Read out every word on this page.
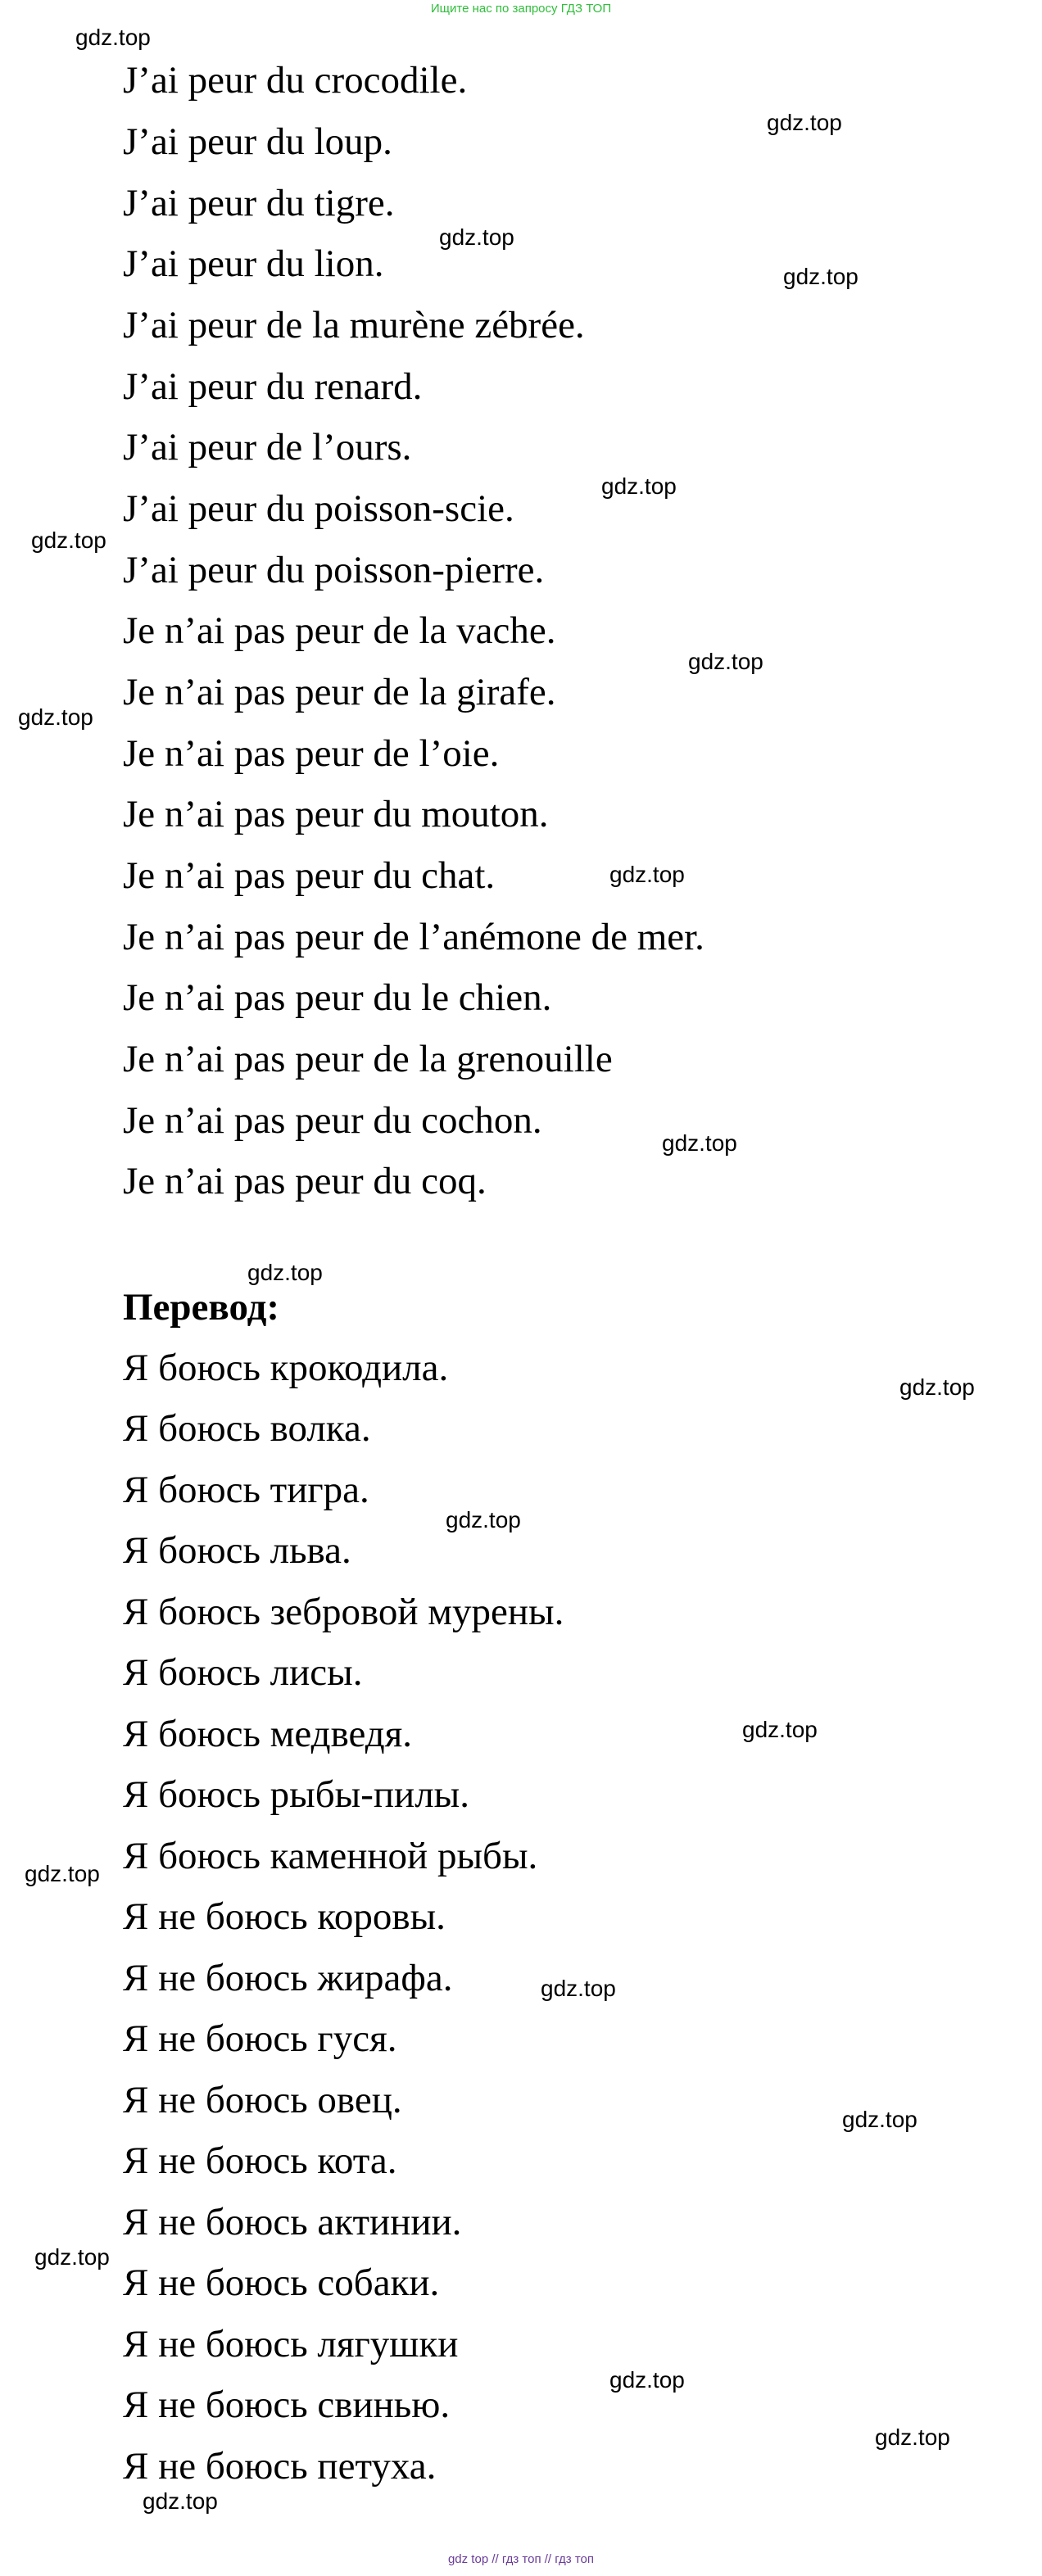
Ищите нас по запросу ГДЗ ТОП
J’ai peur du crocodile.
J’ai peur du loup.
J’ai peur du tigre.
J’ai peur du lion.
J’ai peur de la murène zébrée.
J’ai peur du renard.
J’ai peur de l’ours.
J’ai peur du poisson-scie.
J’ai peur du poisson-pierre.
Je n’ai pas peur de la vache.
Je n’ai pas peur de la girafe.
Je n’ai pas peur de l’oie.
Je n’ai pas peur du mouton.
Je n’ai pas peur du chat.
Je n’ai pas peur de l’anémone de mer.
Je n’ai pas peur du le chien.
Je n’ai pas peur de la grenouille
Je n’ai pas peur du cochon.
Je n’ai pas peur du coq.
Перевод:
Я боюсь крокодила.
Я боюсь волка.
Я боюсь тигра.
Я боюсь льва.
Я боюсь зебровой мурены.
Я боюсь лисы.
Я боюсь медведя.
Я боюсь рыбы-пилы.
Я боюсь каменной рыбы.
Я не боюсь коровы.
Я не боюсь жирафа.
Я не боюсь гуся.
Я не боюсь овец.
Я не боюсь кота.
Я не боюсь актинии.
Я не боюсь собаки.
Я не боюсь лягушки
Я не боюсь свинью.
Я не боюсь петуха.
gdz.top
gdz.top
gdz.top
gdz.top
gdz.top
gdz.top
gdz.top
gdz.top
gdz.top
gdz.top
gdz.top
gdz.top
gdz.top
gdz.top
gdz.top
gdz.top
gdz.top
gdz.top
gdz.top
gdz.top
gdz.top
gdz top // гдз топ // гдз топ
